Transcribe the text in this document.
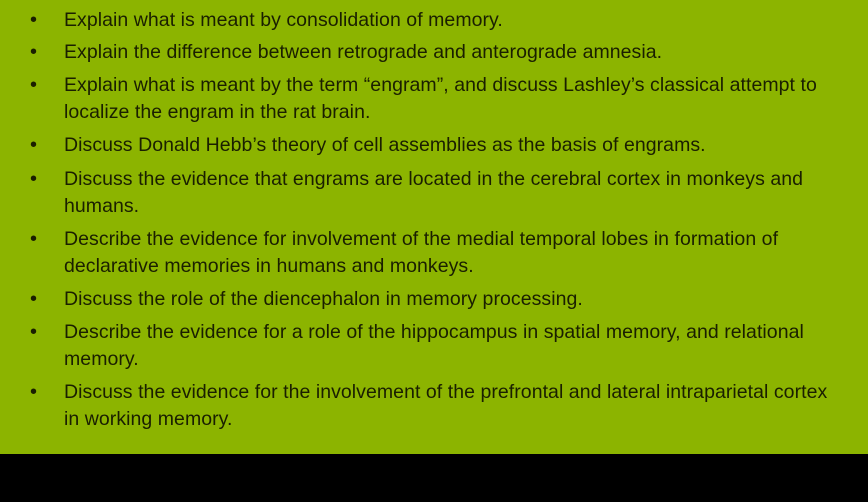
• Explain what is meant by consolidation of memory.
• Explain the difference between retrograde and anterograde amnesia.
• Explain what is meant by the term “engram”, and discuss Lashley’s classical attempt to localize the engram in the rat brain.
• Discuss Donald Hebb’s theory of cell assemblies as the basis of engrams.
• Discuss the evidence that engrams are located in the cerebral cortex in monkeys and humans.
• Describe the evidence for involvement of the medial temporal lobes in formation of declarative memories in humans and monkeys.
• Discuss the role of the diencephalon in memory processing.
• Describe the evidence for a role of the hippocampus in spatial memory, and relational memory.
• Discuss the evidence for the involvement of the prefrontal and lateral intraparietal cortex in working memory.
